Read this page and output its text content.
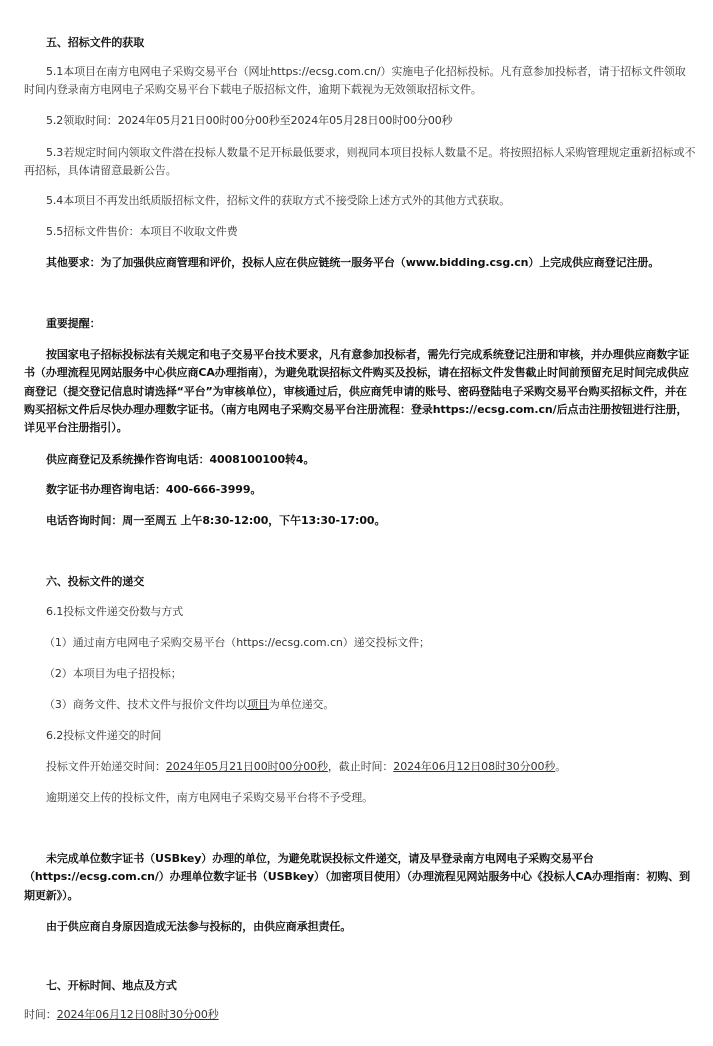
五、招标文件的获取

5.1本项目在南方电网电子采购交易平台（网址https://ecsg.com.cn/）实施电子化招标投标。凡有意参加投标者，请于招标文件领取时间内登录南方电网电子采购交易平台下载电子版招标文件，逾期下载视为无效领取招标文件。

5.2领取时间：2024年05月21日00时00分00秒至2024年05月28日00时00分00秒

5.3若规定时间内领取文件潜在投标人数量不足开标最低要求，则视同本项目投标人数量不足。将按照招标人采购管理规定重新招标或不再招标，具体请留意最新公告。

5.4本项目不再发出纸质版招标文件，招标文件的获取方式不接受除上述方式外的其他方式获取。

5.5招标文件售价：本项目不收取文件费

其他要求：为了加强供应商管理和评价，投标人应在供应链统一服务平台（www.bidding.csg.cn）上完成供应商登记注册。

重要提醒：

按国家电子招标投标法有关规定和电子交易平台技术要求，凡有意参加投标者，需先行完成系统登记注册和审核，并办理供应商数字证书（办理流程见网站服务中心供应商CA办理指南），为避免耽误招标文件购买及投标，请在招标文件发售截止时间前预留充足时间完成供应商登记（提交登记信息时请选择“平台”为审核单位），审核通过后，供应商凭申请的账号、密码登陆电子采购交易平台购买招标文件，并在购买招标文件后尽快办理办理数字证书。（南方电网电子采购交易平台注册流程：登录https://ecsg.com.cn/后点击注册按钮进行注册，详见平台注册指引）。

供应商登记及系统操作咨询电话：4008100100转4。

数字证书办理咨询电话：400-666-3999。

电话咨询时间：周一至周五 上午8:30-12:00，下午13:30-17:00。

六、投标文件的递交

6.1投标文件递交份数与方式

（1）通过南方电网电子采购交易平台（https://ecsg.com.cn）递交投标文件；

（2）本项目为电子招投标；

（3）商务文件、技术文件与报价文件均以项目为单位递交。

6.2投标文件递交的时间

投标文件开始递交时间：2024年05月21日00时00分00秒，截止时间：2024年06月12日08时30分00秒。

逾期递交上传的投标文件，南方电网电子采购交易平台将不予受理。

未完成单位数字证书（USBkey）办理的单位，为避免耽误投标文件递交，请及早登录南方电网电子采购交易平台（https://ecsg.com.cn/）办理单位数字证书（USBkey）（加密项目使用）（办理流程见网站服务中心《投标人CA办理指南：初购、到期更新》）。

由于供应商自身原因造成无法参与投标的，由供应商承担责任。

七、开标时间、地点及方式

时间：2024年06月12日08时30分00秒
